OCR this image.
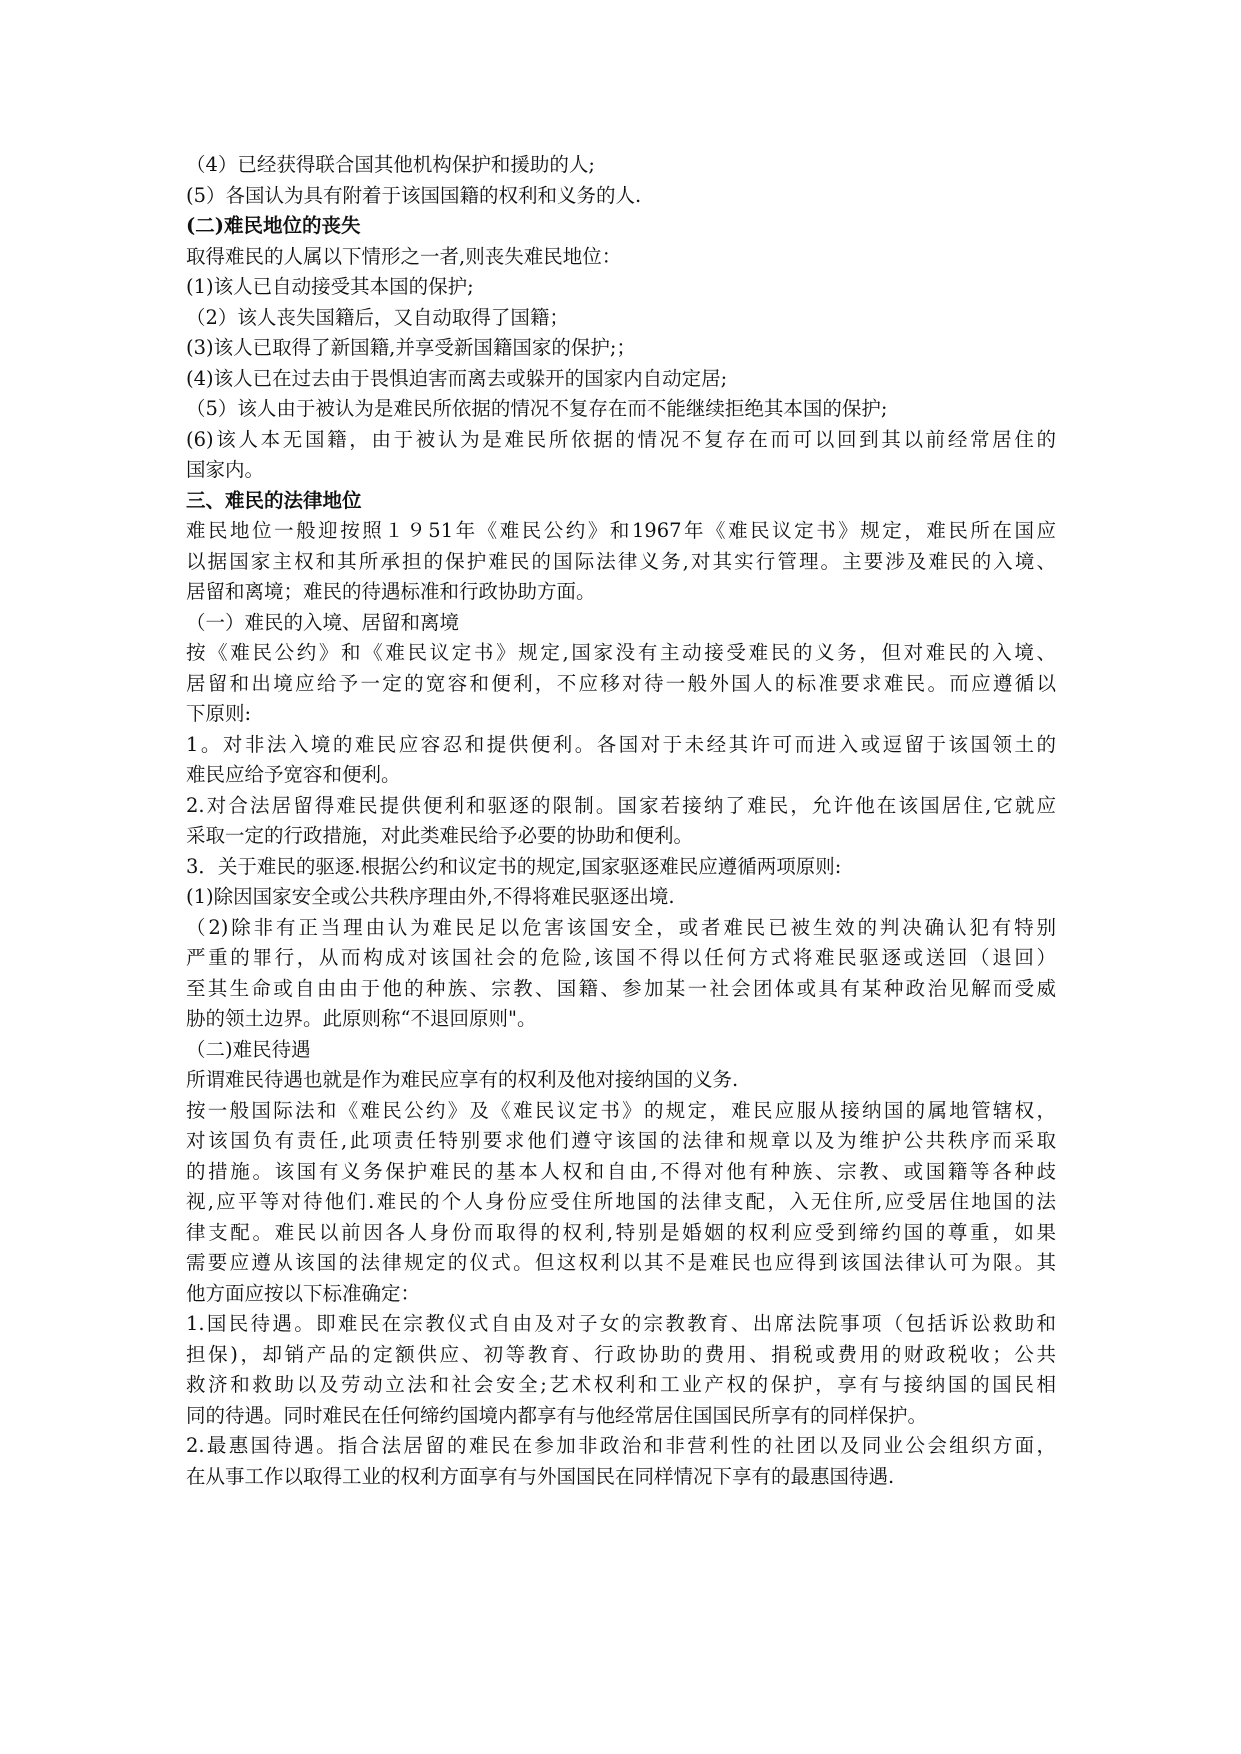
（4）已经获得联合国其他机构保护和援助的人;
(5）各国认为具有附着于该国国籍的权利和义务的人.
(二)难民地位的丧失
取得难民的人属以下情形之一者,则丧失难民地位：
(1)该人已自动接受其本国的保护;
（2）该人丧失国籍后，又自动取得了国籍；
(3)该人已取得了新国籍,并享受新国籍国家的保护;；
(4)该人已在过去由于畏惧迫害而离去或躲开的国家内自动定居;
（5）该人由于被认为是难民所依据的情况不复存在而不能继续拒绝其本国的保护;
(6)该人本无国籍，由于被认为是难民所依据的情况不复存在而可以回到其以前经常居住的
国家内。
三、难民的法律地位
难民地位一般迎按照１９51年《难民公约》和1967年《难民议定书》规定，难民所在国应
以据国家主权和其所承担的保护难民的国际法律义务,对其实行管理。主要涉及难民的入境、
居留和离境；难民的待遇标准和行政协助方面。
（一）难民的入境、居留和离境
按《难民公约》和《难民议定书》规定,国家没有主动接受难民的义务，但对难民的入境、
居留和出境应给予一定的宽容和便利，不应移对待一般外国人的标准要求难民。而应遵循以
下原则:
1。对非法入境的难民应容忍和提供便利。各国对于未经其许可而进入或逗留于该国领土的
难民应给予宽容和便利。
2.对合法居留得难民提供便利和驱逐的限制。国家若接纳了难民，允许他在该国居住,它就应
采取一定的行政措施，对此类难民给予必要的协助和便利。
3．关于难民的驱逐.根据公约和议定书的规定,国家驱逐难民应遵循两项原则:
(1)除因国家安全或公共秩序理由外,不得将难民驱逐出境.
（2)除非有正当理由认为难民足以危害该国安全，或者难民已被生效的判决确认犯有特别
严重的罪行，从而构成对该国社会的危险,该国不得以任何方式将难民驱逐或送回（退回）
至其生命或自由由于他的种族、宗教、国籍、参加某一社会团体或具有某种政治见解而受威
胁的领土边界。此原则称“不退回原则"。
（二)难民待遇
所谓难民待遇也就是作为难民应享有的权利及他对接纳国的义务.
按一般国际法和《难民公约》及《难民议定书》的规定，难民应服从接纳国的属地管辖权，
对该国负有责任,此项责任特别要求他们遵守该国的法律和规章以及为维护公共秩序而采取
的措施。该国有义务保护难民的基本人权和自由,不得对他有种族、宗教、或国籍等各种歧
视,应平等对待他们.难民的个人身份应受住所地国的法律支配，入无住所,应受居住地国的法
律支配。难民以前因各人身份而取得的权利,特别是婚姻的权利应受到缔约国的尊重，如果
需要应遵从该国的法律规定的仪式。但这权利以其不是难民也应得到该国法律认可为限。其
他方面应按以下标准确定：
1.国民待遇。即难民在宗教仪式自由及对子女的宗教教育、出席法院事项（包括诉讼救助和
担保)，却销产品的定额供应、初等教育、行政协助的费用、捐税或费用的财政税收；公共
救济和救助以及劳动立法和社会安全;艺术权利和工业产权的保护，享有与接纳国的国民相
同的待遇。同时难民在任何缔约国境内都享有与他经常居住国国民所享有的同样保护。
2.最惠国待遇。指合法居留的难民在参加非政治和非营利性的社团以及同业公会组织方面，
在从事工作以取得工业的权利方面享有与外国国民在同样情况下享有的最惠国待遇.
